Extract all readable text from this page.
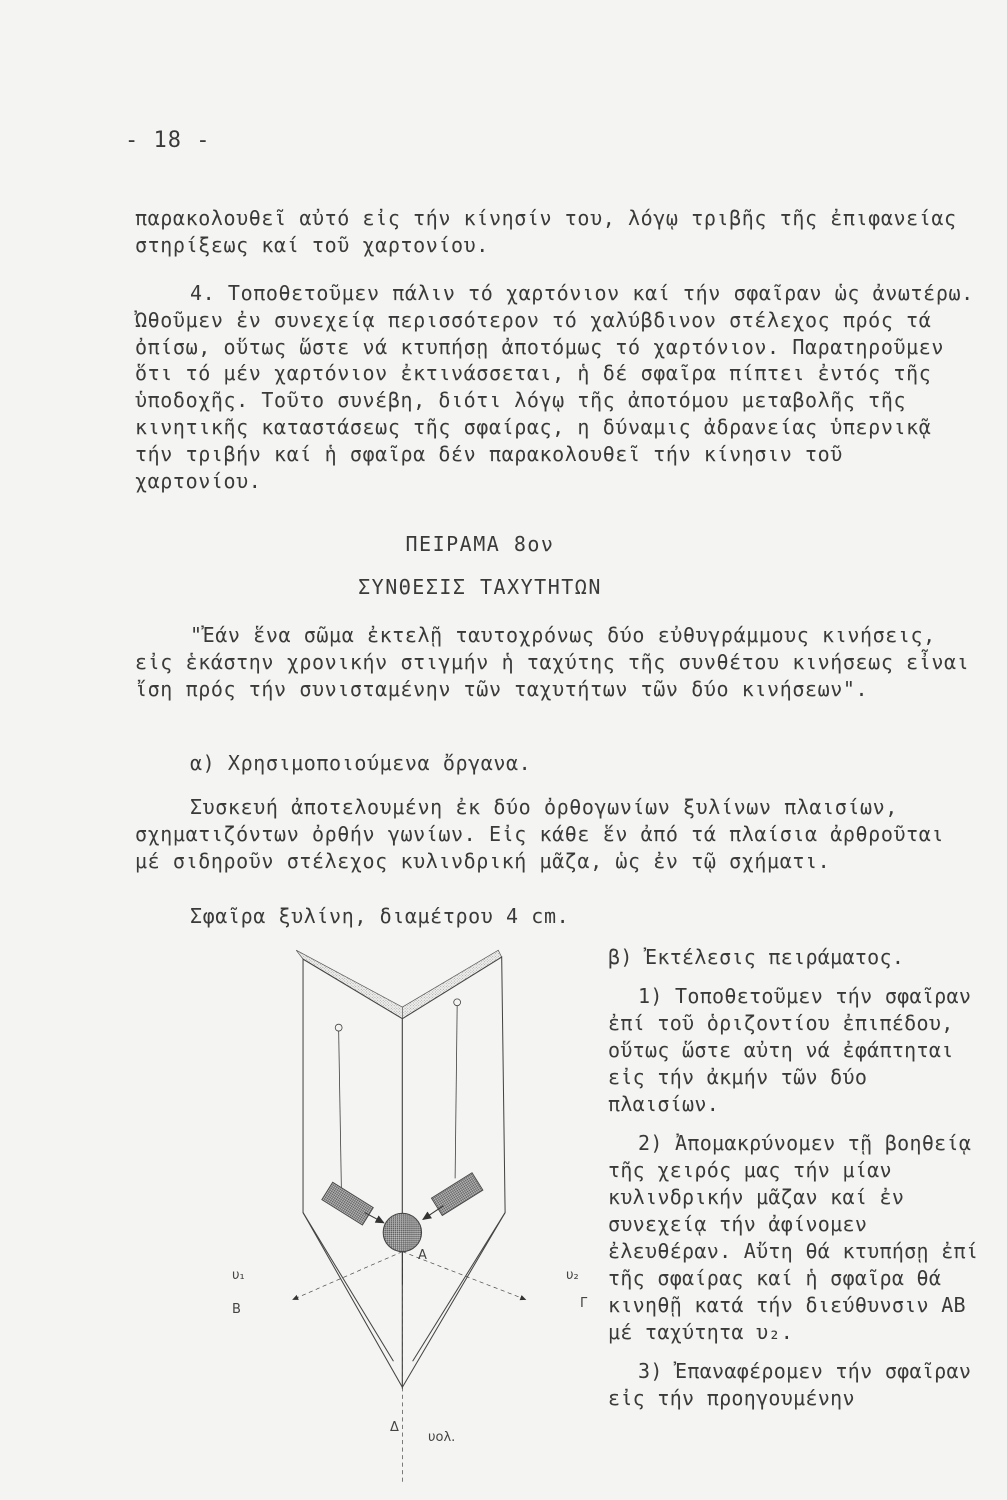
- 18 -

παρακολουθεῖ αὐτό εἰς τήν κίνησίν του, λόγῳ τριβῆς τῆς ἐπιφανείας στηρίξεως καί τοῦ χαρτονίου.

4. Τοποθετοῦμεν πάλιν τό χαρτόνιον καί τήν σφαῖραν ὡς ἀνωτέρω. Ὠθοῦμεν ἐν συνεχείᾳ περισσότερον τό χαλύβδινον στέλεχος πρός τά ὀπίσω, οὕτως ὥστε νά κτυπήσῃ ἀποτόμως τό χαρτόνιον. Παρατηροῦμεν ὅτι τό μέν χαρτόνιον ἐκτινάσσεται, ἡ δέ σφαῖρα πίπτει ἐντός τῆς ὑποδοχῆς. Τοῦτο συνέβη, διότι λόγῳ τῆς ἀποτόμου μεταβολῆς τῆς κινητικῆς καταστάσεως τῆς σφαίρας, η δύναμις ἀδρανείας ὑπερνικᾷ τήν τριβήν καί ἡ σφαῖρα δέν παρακολουθεῖ τήν κίνησιν τοῦ χαρτονίου.

ΠΕΙΡΑΜΑ 8ον
ΣΥΝΘΕΣΙΣ ΤΑΧΥΤΗΤΩΝ

"Ἐάν ἕνα σῶμα ἐκτελῇ ταυτοχρόνως δύο εὐθυγράμμους κινήσεις, εἰς ἑκάστην χρονικήν στιγμήν ἡ ταχύτης τῆς συνθέτου κινήσεως εἶναι ἴση πρός τήν συνισταμένην τῶν ταχυτήτων τῶν δύο κινήσεων".

α) Χρησιμοποιούμενα ὄργανα.

Συσκευή ἀποτελουμένη ἐκ δύο ὀρθογωνίων ξυλίνων πλαισίων, σχηματιζόντων ὀρθήν γωνίων. Εἰς κάθε ἕν ἀπό τά πλαίσια ἀρθροῦται μέ σιδηροῦν στέλεχος κυλινδρική μᾶζα, ὡς ἐν τῷ σχήματι.

Σφαῖρα ξυλίνη, διαμέτρου 4 cm.

β) Ἐκτέλεσις πειράματος.

1) Τοποθετοῦμεν τήν σφαῖραν ἐπί τοῦ ὁριζοντίου ἐπιπέδου, οὕτως ὥστε αὐτη νά ἐφάπτηται εἰς τήν ἀκμήν τῶν δύο πλαισίων.

2) Ἀπομακρύνομεν τῇ βοηθείᾳ τῆς χειρός μας τήν μίαν κυλινδρικήν μᾶζαν καί ἐν συνεχείᾳ τήν ἀφίνομεν ἐλευθέραν. Αὔτη θά κτυπήσῃ ἐπί τῆς σφαίρας καί ἡ σφαῖρα θά κινηθῇ κατά τήν διεύθυνσιν ΑΒ μέ ταχύτητα υ₂.

3) Ἐπαναφέρομεν τήν σφαῖραν εἰς τήν προηγουμένην

Α
υ₁
Β
υ₂
Γ
Δ
υολ.
